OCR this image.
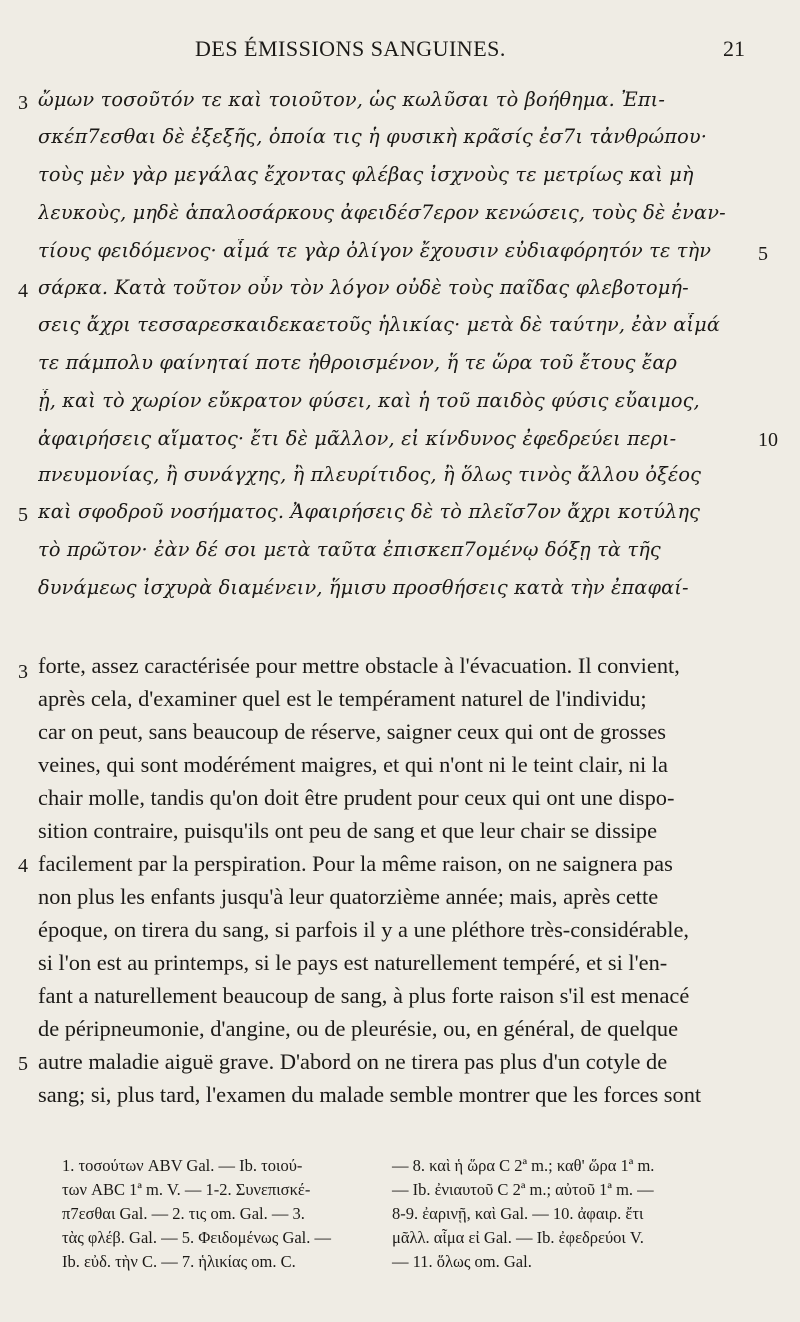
DES ÉMISSIONS SANGUINES.	21
ὤμων τοσοῦτόν τε καὶ τοιοῦτον, ὡς κωλῦσαι τὸ βοήθημα. Ἐπι-
σκέπ7εσθαι δὲ ἐξεξῆς, ὁποία τις ἡ φυσικὴ κρᾶσίς ἐσ7ι τἀνθρώπου·
τοὺς μὲν γὰρ μεγάλας ἔχοντας φλέβας ἰσχνοὺς τε μετρίως καὶ μὴ
λευκοὺς, μηδὲ ἁπαλοσάρκους ἀφειδέσ7ερον κενώσεις, τοὺς δὲ ἐναν-
τίους φειδόμενος· αἷμά τε γὰρ ὀλίγον ἔχουσιν εὐδιαφόρητόν τε τὴν
σάρκα. Κατὰ τοῦτον οὖν τὸν λόγον οὐδὲ τοὺς παῖδας φλεβοτομή-
σεις ἄχρι τεσσαρεσκαιδεκαετοῦς ἡλικίας· μετὰ δὲ ταύτην, ἐὰν αἷμά
τε πάμπολυ φαίνηταί ποτε ἠθροισμένον, ἥ τε ὥρα τοῦ ἔτους ἔαρ
ᾖ, καὶ τὸ χωρίον εὔκρατον φύσει, καὶ ἡ τοῦ παιδὸς φύσις εὔαιμος,
ἀφαιρήσεις αἵματος· ἔτι δὲ μᾶλλον, εἰ κίνδυνος ἐφεδρεύει περι-
πνευμονίας, ἢ συνάγχης, ἢ πλευρίτιδος, ἢ ὅλως τινὸς ἄλλου ὀξέος
καὶ σφοδροῦ νοσήματος. Ἀφαιρήσεις δὲ τὸ πλεῖσ7ον ἄχρι κοτύλης
τὸ πρῶτον· ἐὰν δέ σοι μετὰ ταῦτα ἐπισκεπ7ομένῳ δόξῃ τὰ τῆς
δυνάμεως ἰσχυρὰ διαμένειν, ἥμισυ προσθήσεις κατὰ τὴν ἐπαφαί-
3
4
5
5
10
forte, assez caractérisée pour mettre obstacle à l'évacuation. Il convient,
après cela, d'examiner quel est le tempérament naturel de l'individu;
car on peut, sans beaucoup de réserve, saigner ceux qui ont de grosses
veines, qui sont modérément maigres, et qui n'ont ni le teint clair, ni la
chair molle, tandis qu'on doit être prudent pour ceux qui ont une dispo-
sition contraire, puisqu'ils ont peu de sang et que leur chair se dissipe
facilement par la perspiration. Pour la même raison, on ne saignera pas
non plus les enfants jusqu'à leur quatorzième année; mais, après cette
époque, on tirera du sang, si parfois il y a une pléthore très-considérable,
si l'on est au printemps, si le pays est naturellement tempéré, et si l'en-
fant a naturellement beaucoup de sang, à plus forte raison s'il est menacé
de péripneumonie, d'angine, ou de pleurésie, ou, en général, de quelque
autre maladie aiguë grave. D'abord on ne tirera pas plus d'un cotyle de
sang; si, plus tard, l'examen du malade semble montrer que les forces sont
3
4
5
1. τοσούτων ABV Gal. — Ib. τοιού-
των ABC 1ª m. V. — 1-2. Συνεπισκέ-
π7εσθαι Gal. — 2. τις om. Gal. — 3.
τὰς φλέβ. Gal. — 5. Φειδομένως Gal. —
Ib. εὐδ. τὴν C. — 7. ἡλικίας om. C.
— 8. καὶ ἡ ὥρα C 2ª m.; καθ' ὥρα 1ª m.
— Ib. ἐνιαυτοῦ C 2ª m.; αὐτοῦ 1ª m. —
8-9. ἐαρινῇ, καὶ Gal. — 10. ἀφαιρ. ἔτι
μᾶλλ. αἷμα εἰ Gal. — Ib. ἐφεδρεύοι V.
— 11. ὅλως om. Gal.
